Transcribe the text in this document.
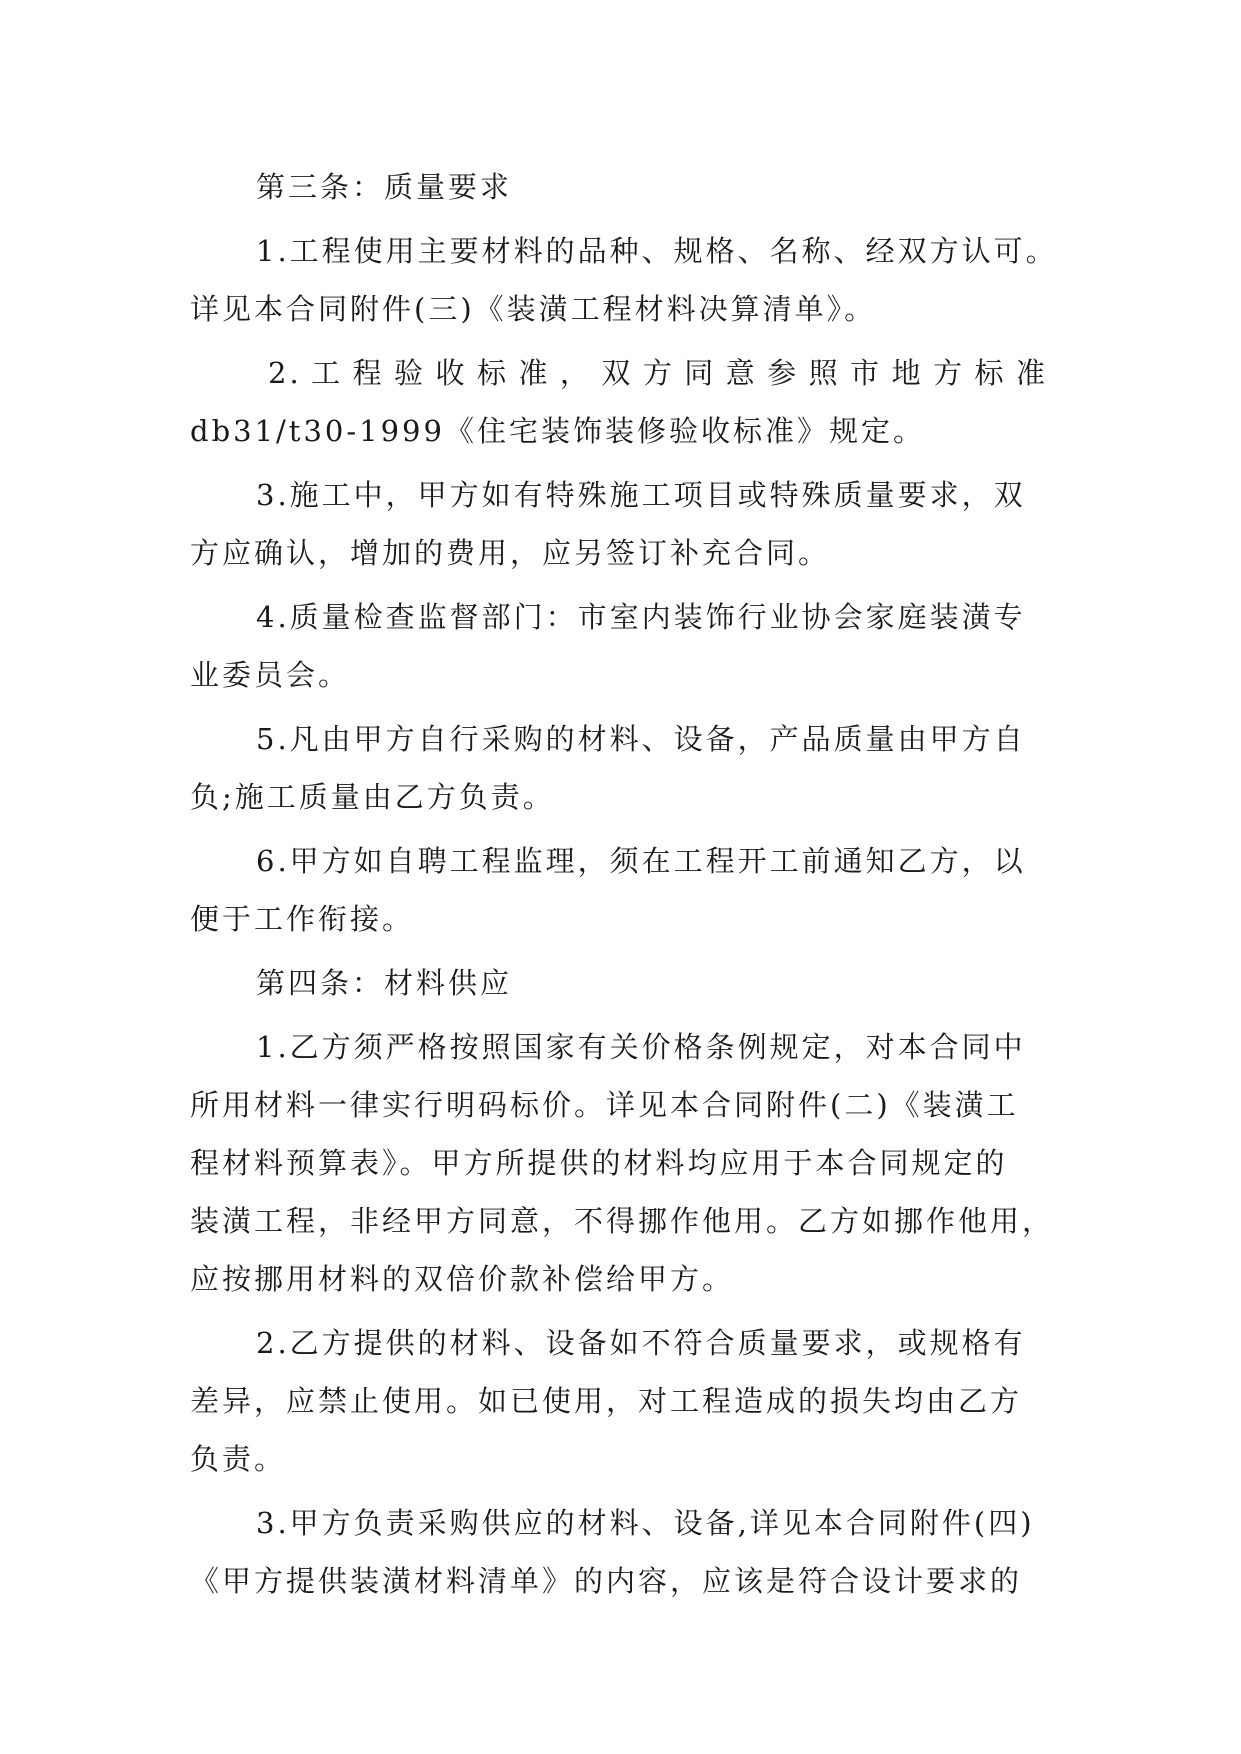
第三条：质量要求
1.工程使用主要材料的品种、规格、名称、经双方认可。
详见本合同附件(三)《装潢工程材料决算清单》。
2.工程验收标准，双方同意参照市地方标准
db31/t30-1999《住宅装饰装修验收标准》规定。
3.施工中，甲方如有特殊施工项目或特殊质量要求，双
方应确认，增加的费用，应另签订补充合同。
4.质量检查监督部门：市室内装饰行业协会家庭装潢专
业委员会。
5.凡由甲方自行采购的材料、设备，产品质量由甲方自
负;施工质量由乙方负责。
6.甲方如自聘工程监理，须在工程开工前通知乙方，以
便于工作衔接。
第四条：材料供应
1.乙方须严格按照国家有关价格条例规定，对本合同中
所用材料一律实行明码标价。详见本合同附件(二)《装潢工
程材料预算表》。甲方所提供的材料均应用于本合同规定的
装潢工程，非经甲方同意，不得挪作他用。乙方如挪作他用，
应按挪用材料的双倍价款补偿给甲方。
2.乙方提供的材料、设备如不符合质量要求，或规格有
差异，应禁止使用。如已使用，对工程造成的损失均由乙方
负责。
3.甲方负责采购供应的材料、设备,详见本合同附件(四)
《甲方提供装潢材料清单》的内容，应该是符合设计要求的
